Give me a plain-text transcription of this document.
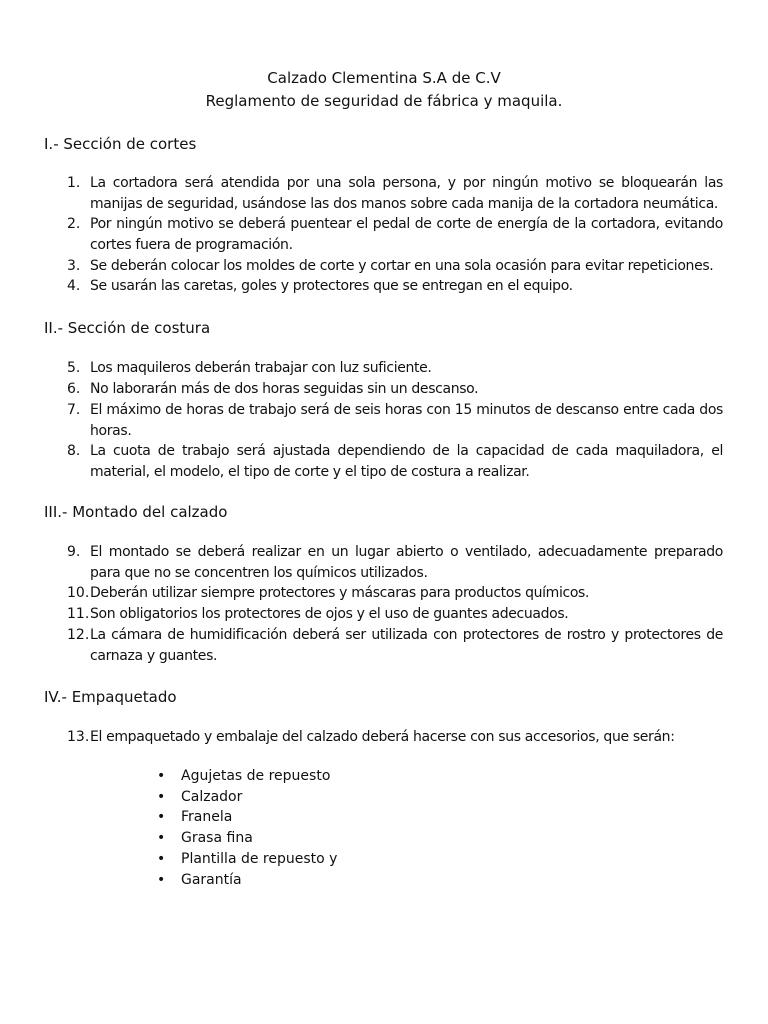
Calzado Clementina S.A de C.V
Reglamento de seguridad de fábrica y maquila.
I.- Sección de cortes
1. La cortadora será atendida por una sola persona, y por ningún motivo se bloquearán las manijas de seguridad, usándose las dos manos sobre cada manija de la cortadora neumática.
2. Por ningún motivo se deberá puentear el pedal de corte de energía de la cortadora, evitando cortes fuera de programación.
3. Se deberán colocar los moldes de corte y cortar en una sola ocasión para evitar repeticiones.
4. Se usarán las caretas, goles y protectores que se entregan en el equipo.
II.- Sección de costura
5. Los maquileros deberán trabajar con luz suficiente.
6. No laborarán más de dos horas seguidas sin un descanso.
7. El máximo de horas de trabajo será de seis horas con 15 minutos de descanso entre cada dos horas.
8. La cuota de trabajo será ajustada dependiendo de la capacidad de cada maquiladora, el material, el modelo, el tipo de corte y el tipo de costura a realizar.
III.- Montado del calzado
9. El montado se deberá realizar en un lugar abierto o ventilado, adecuadamente preparado para que no se concentren los químicos utilizados.
10. Deberán utilizar siempre protectores y máscaras para productos químicos.
11. Son obligatorios los protectores de ojos y el uso de guantes adecuados.
12. La cámara de humidificación deberá ser utilizada con protectores de rostro y protectores de carnaza y guantes.
IV.- Empaquetado
13. El empaquetado y embalaje del calzado deberá hacerse con sus accesorios, que serán:
•	Agujetas de repuesto
•	Calzador
•	Franela
•	Grasa fina
•	Plantilla de repuesto y
•	Garantía
